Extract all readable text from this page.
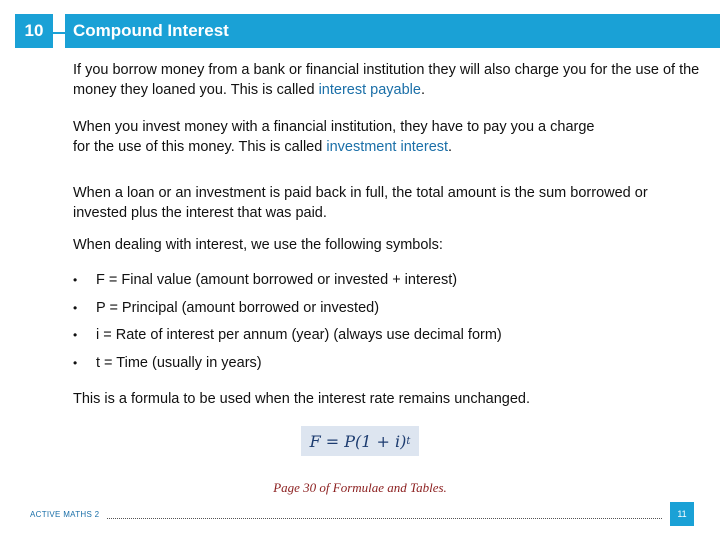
10	Compound Interest

If you borrow money from a bank or financial institution they will also charge you for the use of the money they loaned you. This is called interest payable.

When you invest money with a financial institution, they have to pay you a charge for the use of this money. This is called investment interest.

When a loan or an investment is paid back in full, the total amount is the sum borrowed or invested plus the interest that was paid.

When dealing with interest, we use the following symbols:

•	F = Final value (amount borrowed or invested + interest)
•	P = Principal (amount borrowed or invested)
•	i = Rate of interest per annum (year) (always use decimal form)
•	t = Time (usually in years)

This is a formula to be used when the interest rate remains unchanged.

F = P(1 + i) t
Page 30 of Formulae and Tables.
ACTIVE MATHS 2	11
